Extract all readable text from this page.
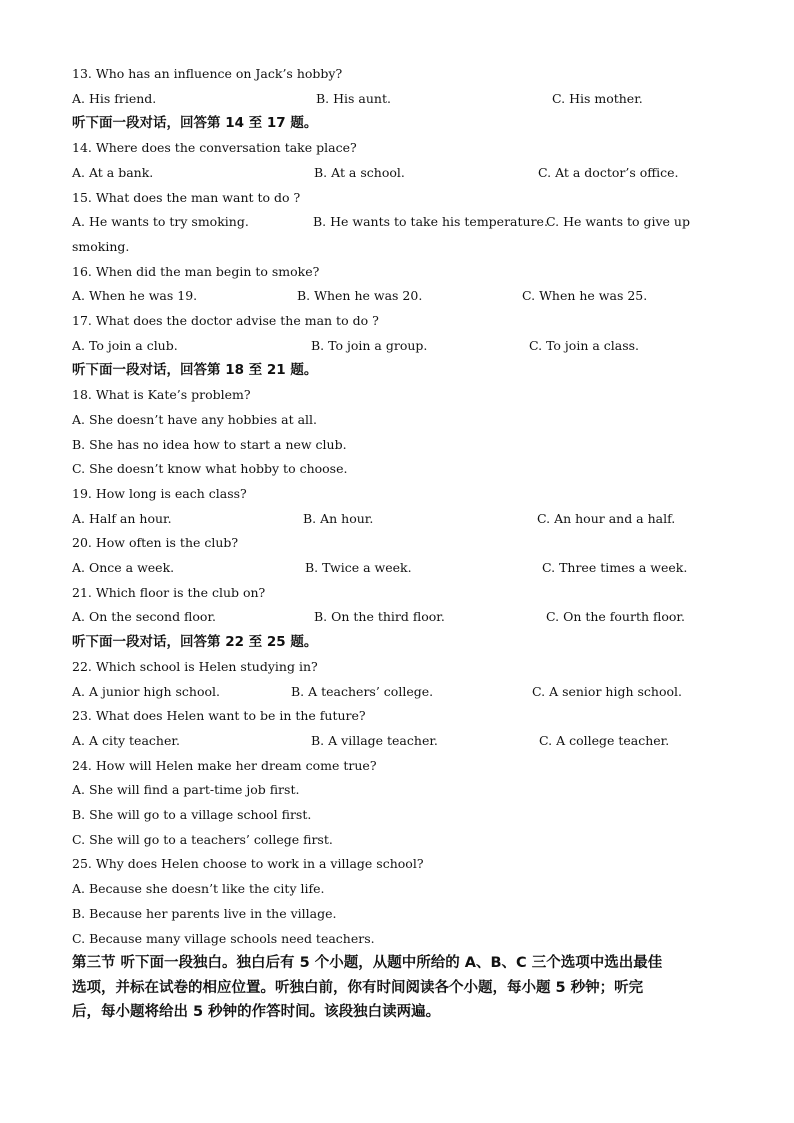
13. Who has an influence on Jack’s hobby?
A. His friend.	B. His aunt.	C. His mother.
听下面一段对话，回答第 14 至 17 题。
14. Where does the conversation take place?
A. At a bank.	B. At a school.	C. At a doctor’s office.
15. What does the man want to do ?
A. He wants to try smoking.	B. He wants to take his temperature.
C. He wants to give up
smoking.
16. When did the man begin to smoke?
A. When he was 19.	B. When he was 20.	C. When he was 25.
17. What does the doctor advise the man to do ?
A. To join a club.	B. To join a group.	C. To join a class.
听下面一段对话，回答第 18 至 21 题。
18. What is Kate’s problem?
A. She doesn’t have any hobbies at all.
B. She has no idea how to start a new club.
C. She doesn’t know what hobby to choose.
19. How long is each class?
A. Half an hour.	B. An hour.	C. An hour and a half.
20. How often is the club?
A. Once a week.	B. Twice a week.	C. Three times a week.
21. Which floor is the club on?
A. On the second floor.	B. On the third floor.	C. On the fourth floor.
听下面一段对话，回答第 22 至 25 题。
22. Which school is Helen studying in?
A. A junior high school.	B. A teachers’ college.	C. A senior high school.
23. What does Helen want to be in the future?
A. A city teacher.	B. A village teacher.	C. A college teacher.
24. How will Helen make her dream come true?
A. She will find a part-time job first.
B. She will go to a village school first.
C. She will go to a teachers’ college first.
25. Why does Helen choose to work in a village school?
A. Because she doesn’t like the city life.
B. Because her parents live in the village.
C. Because many village schools need teachers.
第三节 听下面一段独白。独白后有 5 个小题，从题中所给的 A、B、C 三个选项中选出最佳
选项，并标在试卷的相应位置。听独白前，你有时间阅读各个小题，每小题 5 秒钟；听完
后，每小题将给出 5 秒钟的作答时间。该段独白读两遍。
